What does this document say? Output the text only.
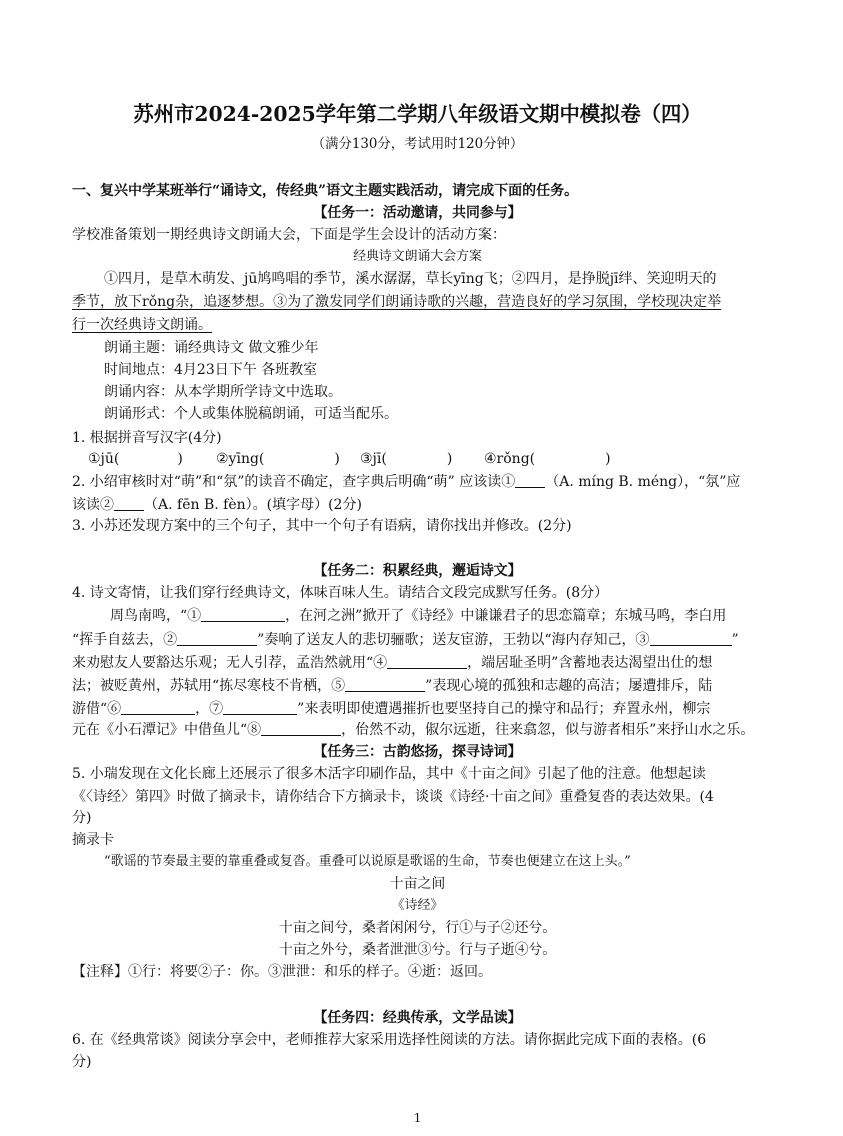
苏州市2024-2025学年第二学期八年级语文期中模拟卷（四）
（满分130分，考试用时120分钟）
一、复兴中学某班举行“诵诗文，传经典”语文主题实践活动，请完成下面的任务。
【任务一：活动邀请，共同参与】
学校准备策划一期经典诗文朗诵大会，下面是学生会设计的活动方案：
经典诗文朗诵大会方案
①四月，是草木萌发、jū鸠鸣唱的季节，溪水潺潺，草长yīng飞；②四月，是挣脱jī绊、笑迎明天的
季节，放下rǒng杂，追逐梦想。③为了激发同学们朗诵诗歌的兴趣，营造良好的学习氛围，学校现决定举
行一次经典诗文朗诵。
朗诵主题：诵经典诗文 做文雅少年
时间地点：4月23日下午 各班教室
朗诵内容：从本学期所学诗文中选取。
朗诵形式：个人或集体脱稿朗诵，可适当配乐。
1. 根据拼音写汉字(4分)
①jū(	) ②yīng(	) ③jī(	) ④rǒng(	)
2. 小绍审核时对“萌”和“氛”的读音不确定，查字典后明确“萌” 应该读① （A. míng B. méng），“氛”应
该读② （A. fēn B. fèn）。(填字母）(2分)
3. 小苏还发现方案中的三个句子，其中一个句子有语病，请你找出并修改。(2分)
【任务二：积累经典，邂逅诗文】
4. 诗文寄情，让我们穿行经典诗文，体味百味人生。请结合文段完成默写任务。(8分）
周鸟南鸣，“①	，在河之洲”掀开了《诗经》中谦谦君子的思恋篇章；东城马鸣，李白用
“挥手自兹去，②	”奏响了送友人的悲切骊歌；送友宦游，王勃以“海内存知己，③	”
来劝慰友人要豁达乐观；无人引荐，孟浩然就用“④	，端居耻圣明”含蓄地表达渴望出仕的想
法；被贬黄州，苏轼用“拣尽寒枝不肯栖，⑤	”表现心境的孤独和志趣的高洁；屡遭排斥，陆
游借“⑥	，⑦	”来表明即使遭遇摧折也要坚持自己的操守和品行；弃置永州，柳宗
元在《小石潭记》中借鱼儿“⑧	，佁然不动，俶尔远逝，往来翕忽，似与游者相乐”来抒山水之乐。
【任务三：古韵悠扬，探寻诗词】
5. 小瑞发现在文化长廊上还展示了很多木活字印刷作品，其中《十亩之间》引起了他的注意。他想起读
《〈诗经〉第四》时做了摘录卡，请你结合下方摘录卡，谈谈《诗经·十亩之间》重叠复沓的表达效果。(4
分)
摘录卡
“歌谣的节奏最主要的靠重叠或复沓。重叠可以说原是歌谣的生命，节奏也便建立在这上头。”
十亩之间
《诗经》
十亩之间兮，桑者闲闲兮，行①与子②还兮。
十亩之外兮，桑者泄泄③兮。行与子逝④兮。
【注释】①行：将要②子：你。③泄泄：和乐的样子。④逝：返回。
【任务四：经典传承，文学品读】
6. 在《经典常谈》阅读分享会中，老师推荐大家采用选择性阅读的方法。请你据此完成下面的表格。(6
分)
1
